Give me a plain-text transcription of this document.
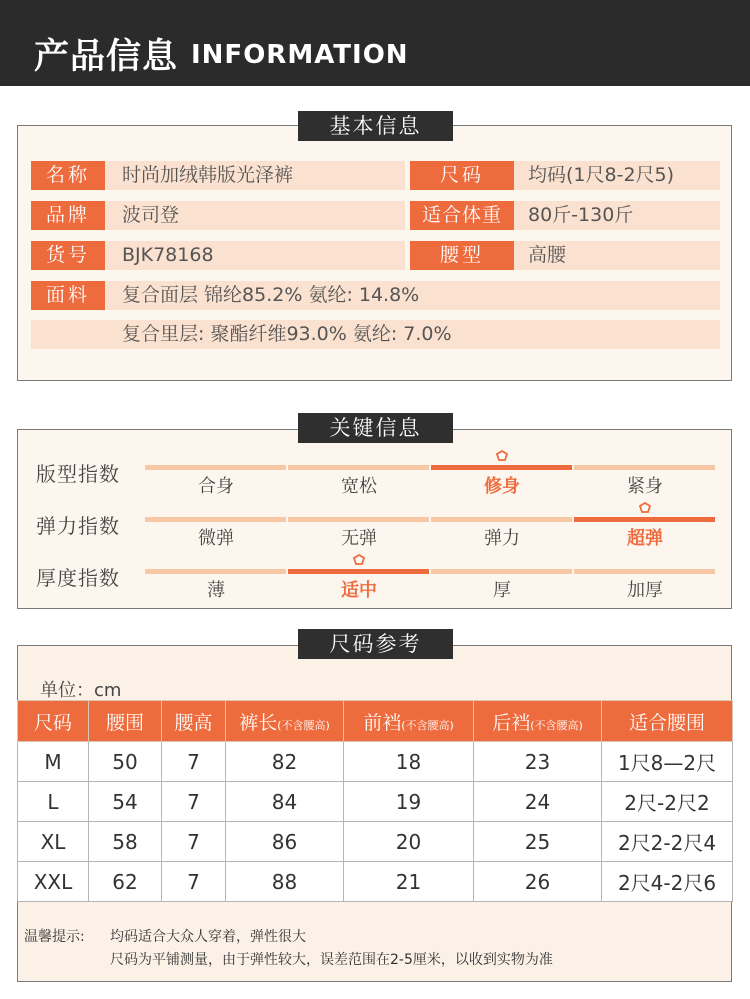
产品信息 INFORMATION
基本信息
名称	时尚加绒韩版光泽裤	尺码	均码(1尺8-2尺5)
品牌	波司登	适合体重	80斤-130斤
货号	BJK78168	腰型	高腰
面料	复合面层 锦纶85.2% 氨纶: 14.8%
复合里层: 聚酯纤维93.0% 氨纶: 7.0%
关键信息
版型指数
合身	宽松	修身	紧身
弹力指数
微弹	无弹	弹力	超弹
厚度指数
薄	适中	厚	加厚
尺码参考
单位：cm
尺码	腰围	腰高	裤长(不含腰高)	前裆(不含腰高)	后裆(不含腰高)	适合腰围
M	50	7	82	18	23	1尺8—2尺
L	54	7	84	19	24	2尺-2尺2
XL	58	7	86	20	25	2尺2-2尺4
XXL	62	7	88	21	26	2尺4-2尺6
温馨提示: 均码适合大众人穿着，弹性很大
尺码为平铺测量，由于弹性较大，误差范围在2-5厘米，以收到实物为准
